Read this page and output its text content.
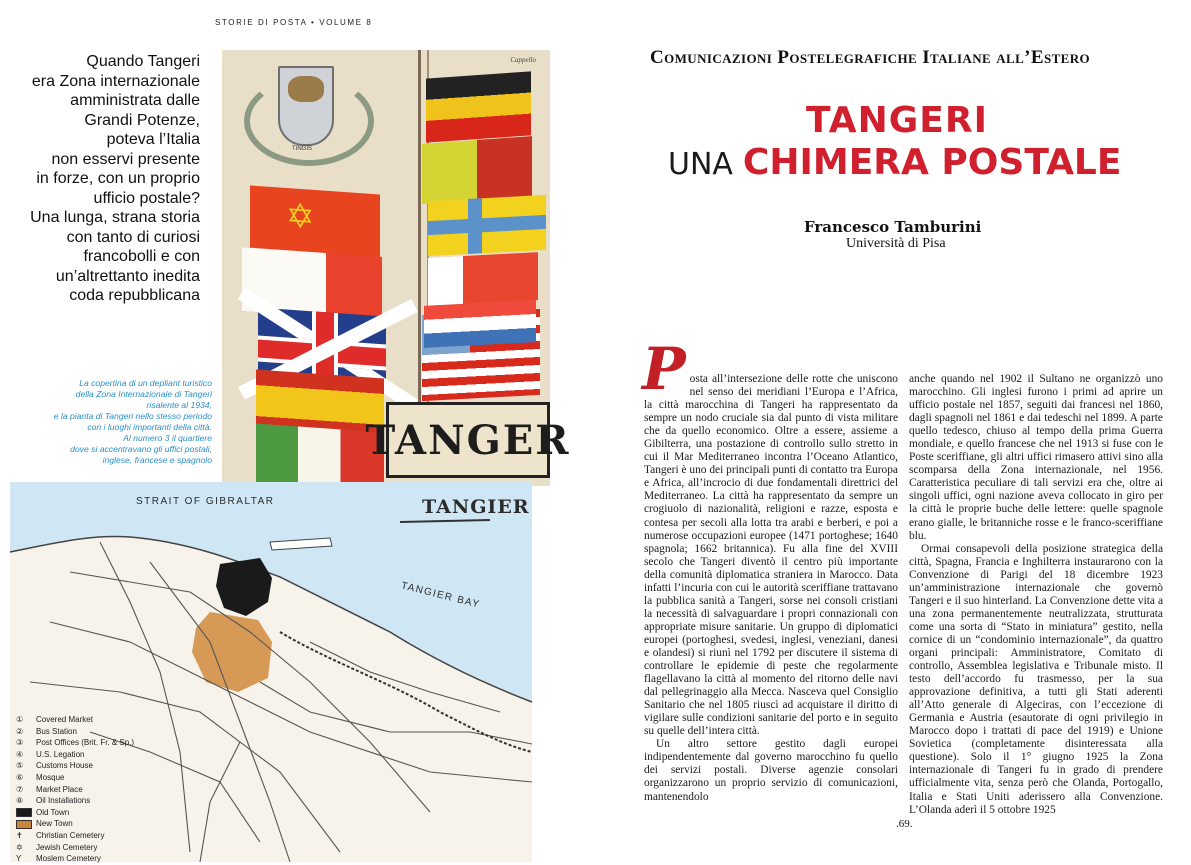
STORIE DI POSTA • VOLUME 8
Quando Tangeri
era Zona internazionale
amministrata dalle
Grandi Potenze,
poteva l’Italia
non esservi presente
in forze, con un proprio
ufficio postale?
Una lunga, strana storia
con tanto di curiosi
francobolli e con
un’altrettanto inedita
coda repubblicana
TINGIS
Cappello
✡
TANGER
La copertina di un depliant turistico
della Zona Internazionale di Tangeri
risalente al 1934,
e la pianta di Tangeri nello stesso periodo
con i luoghi importanti della città.
Al numero 3 il quartiere
dove si accentravano gli uffici postali,
inglese, francese e spagnolo
TANGIER
STRAIT OF GIBRALTAR
TANGIER BAY
①	Covered Market
②	Bus Station
③	Post Offices (Brit. Fr. & Sp.)
④	U.S. Legation
⑤	Customs House
⑥	Mosque
⑦	Market Place
⑧	Oil Installations
Old Town
New Town
✝	Christian Cemetery
✡	Jewish Cemetery
Y	Moslem Cemetery
Comunicazioni Postelegrafiche Italiane all’Estero
TANGERI
UNA CHIMERA POSTALE
Francesco Tamburini
Università di Pisa

Posta all’intersezione delle rotte che uniscono nel senso dei meridiani l’Europa e l’Africa, la città marocchina di Tangeri ha rappresentato da sempre un nodo cruciale sia dal punto di vista militare che da quello economico. Oltre a essere, assieme a Gibilterra, una postazione di controllo sullo stretto in cui il Mar Mediterraneo incontra l’Oceano Atlantico, Tangeri è uno dei principali punti di contatto tra Europa e Africa, all’incrocio di due fondamentali direttrici del Mediterraneo. La città ha rappresentato da sempre un crogiuolo di nazionalità, religioni e razze, esposta e contesa per secoli alla lotta tra arabi e berberi, e poi a numerose occupazioni europee (1471 portoghese; 1640 spagnola; 1662 britannica). Fu alla fine del XVIII secolo che Tangeri diventò il centro più importante della comunità diplomatica straniera in Marocco. Data infatti l’incuria con cui le autorità sceriffiane trattavano la pubblica sanità a Tangeri, sorse nei consoli cristiani la necessità di salvaguardare i propri connazionali con appropriate misure sanitarie. Un gruppo di diplomatici europei (portoghesi, svedesi, inglesi, veneziani, danesi e olandesi) si riunì nel 1792 per discutere il sistema di controllare le epidemie di peste che regolarmente flagellavano la città al momento del ritorno delle navi dal pellegrinaggio alla Mecca. Nasceva quel Consiglio Sanitario che nel 1805 riuscì ad acquistare il diritto di vigilare sulle condizioni sanitarie del porto e in seguito su quelle dell’intera città.

Un altro settore gestito dagli europei indipendentemente dal governo marocchino fu quello dei servizi postali. Diverse agenzie consolari organizzarono un proprio servizio di comunicazioni, mantenendolo

anche quando nel 1902 il Sultano ne organizzò uno marocchino. Gli inglesi furono i primi ad aprire un ufficio postale nel 1857, seguiti dai francesi nel 1860, dagli spagnoli nel 1861 e dai tedeschi nel 1899. A parte quello tedesco, chiuso al tempo della prima Guerra mondiale, e quello francese che nel 1913 si fuse con le Poste sceriffiane, gli altri uffici rimasero attivi sino alla scomparsa della Zona internazionale, nel 1956. Caratteristica peculiare di tali servizi era che, oltre ai singoli uffici, ogni nazione aveva collocato in giro per la città le proprie buche delle lettere: quelle spagnole erano gialle, le britanniche rosse e le franco-sceriffiane blu.

Ormai consapevoli della posizione strategica della città, Spagna, Francia e Inghilterra instaurarono con la Convenzione di Parigi del 18 dicembre 1923 un’amministrazione internazionale che governò Tangeri e il suo hinterland. La Convenzione dette vita a una zona permanentemente neutralizzata, strutturata come una sorta di “Stato in miniatura” gestito, nella cornice di un “condominio internazionale”, da quattro organi principali: Amministratore, Comitato di controllo, Assemblea legislativa e Tribunale misto. Il testo dell’accordo fu trasmesso, per la sua approvazione definitiva, a tutti gli Stati aderenti all’Atto generale di Algeciras, con l’eccezione di Germania e Austria (esautorate di ogni privilegio in Marocco dopo i trattati di pace del 1919) e Unione Sovietica (completamente disinteressata alla questione). Solo il 1° giugno 1925 la Zona internazionale di Tangeri fu in grado di prendere ufficialmente vita, senza però che Olanda, Portogallo, Italia e Stati Uniti aderissero alla Convenzione. L’Olanda aderì il 5 ottobre 1925

.69.
